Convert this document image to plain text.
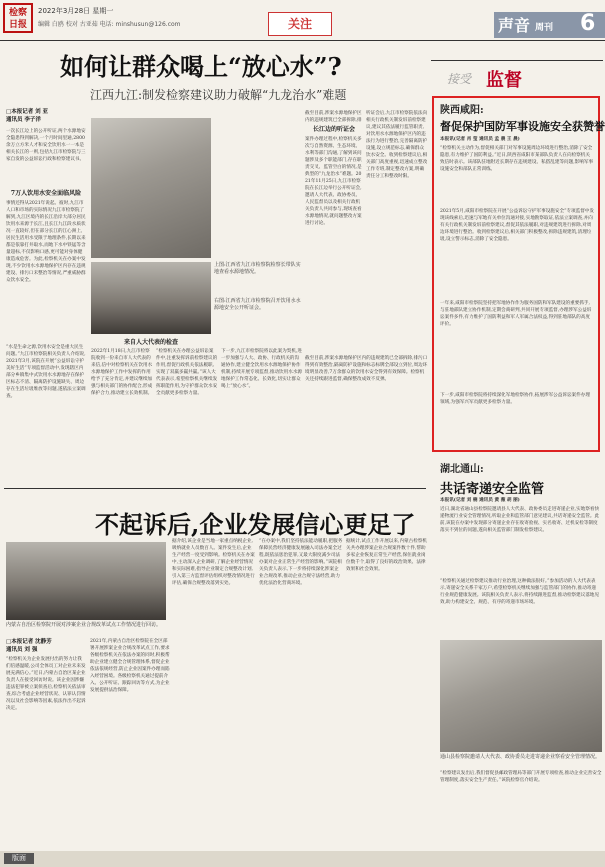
检察日报
2022年3月28日 星期一
编辑 白鸥 校对 古亚茹 电话: minshusun@126.com	关注	声音 周刊 6
如何让群众喝上“放心水”?
江西九江:制发检察建议助力破解“九龙治水”难题
□本报记者 刘 亚
通讯员 李子洋
一次长江边上的公开听证,两个水源地安全隐患得到解决,一个月时间里通,2800余万立方米人才和安全饮用水一一本是相关长江的一则,包括九江市检察院与三家自发的公益诉讼行政和检察建议书。
7万人饮用水安全面临风险
事情还得从2021年说起。彼时,九江市人口和市场的实际情况九江市检察院了解到,九江区境内的长江沿岸大部分居民饮用水来源于长江,且长江九江段水质状况一直较好,但在部分长江的江心洲上,居民生活用水受限于地理条件,长期以来都是依靠打井取水,而地下水中铁锰等含量超标,不仅影响口感,更可能对身体健康造成危害。为此,检察机关在办案中发现,不少饮用水水源地保护区内存在违规建设、排污口未整治等情况,严重威胁群众饮水安全。
“水是生命之源,饮用水安全是重大民生问题。”九江市检察院相关负责人介绍说,2021年3月,该院在开展“公益诉讼守护美好生活”专项监督活动中,发现辖区内部分乡镇集中式饮用水水源地存在保护区标志不清、隔离防护设施缺失、周边存在生活垃圾堆放等问题,遂依法立案调查。
上图:江西省九江市检察院检察长带队实地查看水源地情况。
右图:江西省九江市检察院召开饮用水水源地安全公开听证会。
截至目前,涉案水源地保护区内的违规建筑已全部拆除,排
长江边的听证会
案件办理过程中,检察机关多次与自然资源、生态环境、水利等部门沟通,了解到该问题涉及多个职能部门,存在职责交叉、监管空白的情况,是典型的“九龙治水”难题。2021年11月25日,九江市检察院在长江边举行公开听证会,邀请人大代表、政协委员、人民监督员以及相关行政机关负责人共同参与,现场查看水源地情况,就问题整改方案进行讨论。
听证会后,九江市检察院依法向相关行政机关制发诉前检察建议,建议其依法履行监管职责,对饮用水水源地保护区内的违法行为进行整治,完善隔离防护设施,设立规范标志,确保群众饮水安全。收到检察建议后,相关部门高度重视,迅速成立整改工作专班,制定整改方案,明确责任分工和整改时限。
来自人大代表的检查
2022年1月18日,九江市检察院收到一份来自市人大代表的来信,信中对检察机关在饮用水水源地保护工作中发挥的作用给予了充分肯定,并建议继续加强与相关部门的协作配合,形成保护合力,推动建立长效机制。
“检察机关在办理公益诉讼案件中,注重发挥诉前检察建议的作用,督促行政机关依法履职,实现了双赢多赢共赢。”该人大代表表示,希望检察机关继续发挥职能作用,为守护群众饮水安全贡献更多检察力量。
下一步,九江市检察院将以此案为契机,进一步加强与人大、政协、行政机关的沟通协作,建立健全饮用水水源地保护协作机制,持续开展专项监督,推动饮用水水源地保护工作常态化、长效化,切实让群众喝上“放心水”。
截至目前,涉案水源地保护区内的违规建筑已全部拆除,排污口得到有效整治,隔离防护设施和标志标牌全部设立到位,周边环境明显改善,7万余群众的饮用水安全得到有效保障。检察机关还持续跟进监督,确保整改成效不反弹。
不起诉后,企业发展信心更足了
内蒙古自治区检察院开展对涉案企业合规改革试点工作情况进行回访。
□本报记者 沈静芳
通讯员 刘 强
“检察机关为企业发展付出的努力让我们倍感温暖,公司全体员工对企业未来发展充满信心。”近日,内蒙古自治区某企业负责人在接受回访时说。该企业因涉嫌违法犯罪被立案侦查后,检察机关依法审查,综合考虑企业经营状况、认罪认罚情况以及社会影响等因素,依法作出不起诉决定。
2021年,内蒙古自治区检察院在全区部署开展涉案企业合规改革试点工作,要求各级检察机关在依法办案的同时,积极帮助企业建立健全合规管理体系,督促企业依法依规经营,防止企业因案件办理而陷入经营困境。各级检察机关通过提前介入、公开听证、跟踪回访等方式,为企业发展提供法治保障。
据介绍,该企业是当地一家重点纳税企业,吸纳就业人员数百人。案件发生后,企业生产经营一度受到影响。检察机关在办案中,主动深入企业调研,了解企业经营情况和实际困难,指导企业制定合规整改计划,引入第三方监督评估组织对整改情况进行评估,确保合规整改落到实处。
“在办案中,我们坚持依法能动履职,把服务保障民营经济健康发展融入司法办案全过程,既依法惩治犯罪,又最大限度减少司法办案对企业正常生产经营的影响。”该院相关负责人表示,下一步将持续深化涉案企业合规改革,推动企业合规守法经营,助力优化法治化营商环境。
据统计,试点工作开展以来,内蒙古检察机关共办理涉案企业合规案件数十件,帮助多家企业恢复正常生产经营,保住就业岗位数千个,取得了良好的政治效果、法律效果和社会效果。
接受 监督
陕西咸阳:
督促保护国防军事设施安全获赞誉
本报讯(记者 肖 莹 通讯员 孟 晨 王 晨)
“检察机关主动作为,督促相关部门对军事设施周边环境进行整治,消除了安全隐患,有力维护了国防利益。”近日,陕西省咸阳市某部队负责人在向检察机关致信时表示。该部队驻地附近长期存在违规建设、私搭乱建等问题,影响军事设施安全和部队正常训练。
2021年5月,咸阳市检察院在开展“公益诉讼守护军事设施安全”专项监督中发现该线索后,迅速与军地有关单位沟通对接,实地勘察取证,依法立案调查,并向有关行政机关制发诉前检察建议,督促其依法履职,对违规建筑进行拆除,对周边环境进行整治。收到检察建议后,相关部门积极整改,拆除违规建筑,清理垃圾,设立警示标志,消除了安全隐患。
一年来,咸阳市检察院坚持把军地协作作为服务国防和军队建设的重要抓手,与驻地部队建立协作机制,定期会商研判,共同开展专项监督,办理涉军公益诉讼案件多件,有力维护了国防利益和军人军属合法权益,得到驻地部队的高度评价。
下一步,咸阳市检察院将持续深化军地检察协作,拓展涉军公益诉讼案件办理领域,为强军兴军贡献更多检察力量。
湖北通山:
共话寄递安全监管
本报讯(记者 刘 楠 通讯员 黄 薇 胡 丽)
近日,湖北省通山县检察院邀请县人大代表、政协委员走进寄递企业,实地察看快递物流行业安全管理情况,听取企业和监管部门意见建议,共话寄递安全监管。此前,该院在办案中发现部分寄递企业存在收寄验视、实名收寄、过机安检等制度落实不到位的问题,遂向相关监管部门制发检察建议。
“检察机关通过检察建议推动行业治理,这种做法很好。”参加活动的人大代表表示,寄递安全关系千家万户,希望检察机关继续加强与监管部门的协作,推动寄递行业规范健康发展。该院相关负责人表示,将持续跟进监督,推动检察建议落地见效,助力构建安全、规范、有序的寄递市场环境。
通山县检察院邀请人大代表、政协委员走进寄递企业察看安全管理情况。
“检察建议发出后,我们督促县邮政管理局等部门开展专项检查,推动企业完善安全管理制度,落实安全生产责任。”该院检察官介绍说。
版面
